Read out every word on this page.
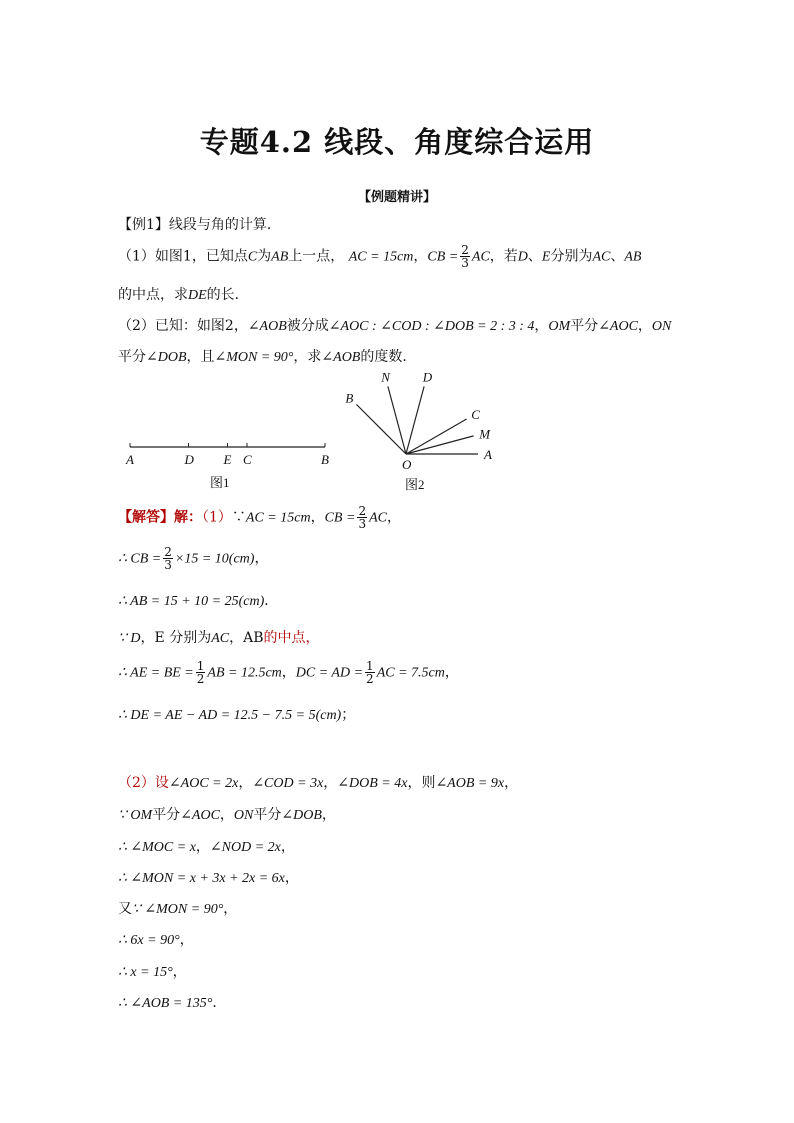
专题4.2 线段、角度综合运用
【例题精讲】
【例1】线段与角的计算．
（1）如图1，已知点C为AB上一点， AC = 15cm，CB = $\frac{2}{3}$ AC，若D、E分别为AC、AB
的中点，求DE的长．
（2）已知：如图2，∠AOB被分成∠AOC : ∠COD : ∠DOB = 2 : 3 : 4，OM平分∠AOC，ON
平分∠DOB，且∠MON = 90°，求∠AOB的度数．
A	D E C	B
图1
A
M
C
D
N
B
O
图2
【解答】解：（1）∵AC = 15cm，CB = $\frac{2}{3}$ AC，
∴ CB = $\frac{2}{3} \times 15 = 10(cm)$，
∴ AB = 15 + 10 = 25(cm)．
∵ D，E 分别为AC，AB的中点，
∴ AE = BE = $\frac{1}{2}$ AB = 12.5cm，DC = AD = $\frac{1}{2}$ AC = 7.5cm，
∴ DE = AE − AD = 12.5 − 7.5 = 5(cm)；
（2）设∠AOC = 2x，∠COD = 3x，∠DOB = 4x，则∠AOB = 9x，
∵ OM平分∠AOC，ON平分∠DOB，
∴ ∠MOC = x，∠NOD = 2x，
∴ ∠MON = x + 3x + 2x = 6x，
又∵ ∠MON = 90°，
∴ 6x = 90°，
∴ x = 15°，
∴ ∠AOB = 135°．
